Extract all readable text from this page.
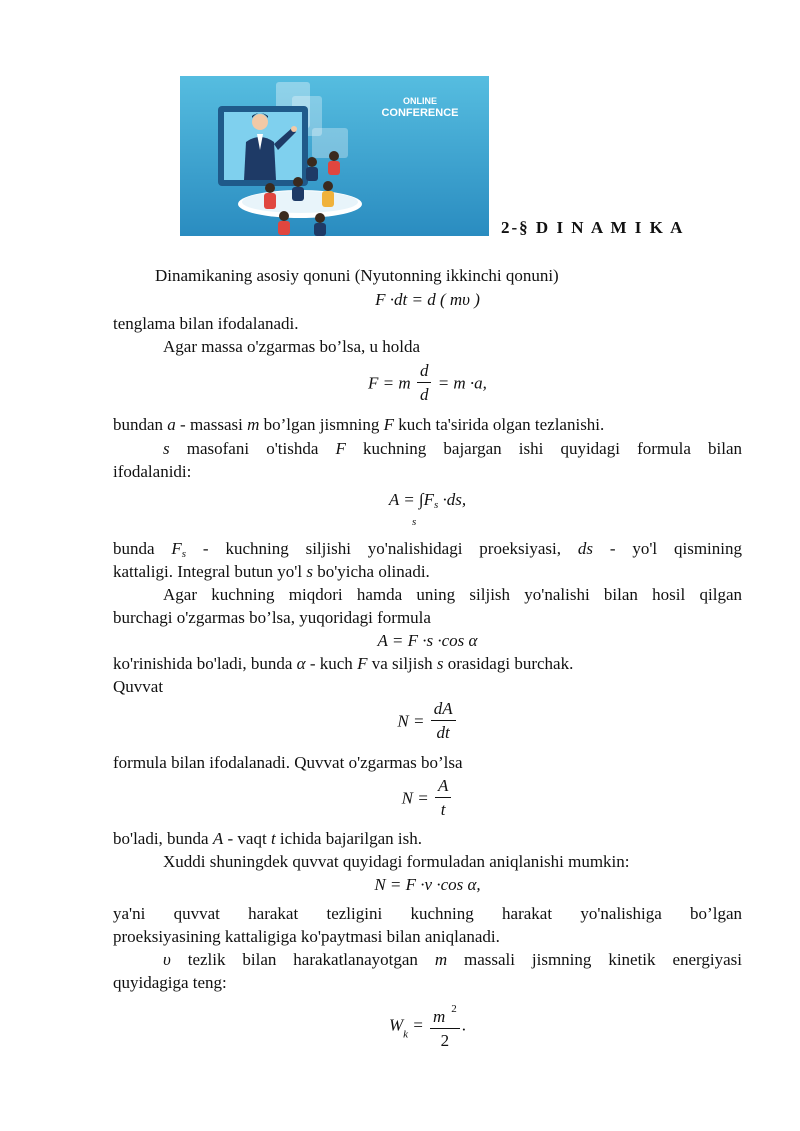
ONLINE
CONFERENCE
2-§ D I N A M I K A
Dinamikaning asosiy qonuni (Nyutonning ikkinchi qonuni)
F ·dt = d ( mυ )
tenglama bilan ifodalanadi.
Agar massa o'zgarmas bo’lsa, u holda
F = m $\frac{d}{d} = m \cdot a$,
bundan a - massasi m bo’lgan jismning F kuch ta'sirida olgan tezlanishi.
s masofani o'tishda F kuchning bajargan ishi quyidagi formula bilan
ifodalanidi:
$A = \int F_s \cdot ds$,
s
bunda $F_s$ - kuchning siljishi yo'nalishidagi proeksiyasi, ds - yo'l qismining
kattaligi. Integral butun yo'l s bo'yicha olinadi.
Agar kuchning miqdori hamda uning siljish yo'nalishi bilan hosil qilgan
burchagi o'zgarmas bo’lsa, yuqoridagi formula
A = F ·s ·cos α
ko'rinishida bo'ladi, bunda α - kuch F va siljish s orasidagi burchak.
Quvvat
$N = \frac{dA}{dt}$
formula bilan ifodalanadi. Quvvat o'zgarmas bo’lsa
$N = \frac{A}{t}$
bo'ladi, bunda A - vaqt t ichida bajarilgan ish.
Xuddi shuningdek quvvat quyidagi formuladan aniqlanishi mumkin:
N = F ·v ·cos α,
ya'ni quvvat harakat tezligini kuchning harakat yo'nalishiga bo’lgan
proeksiyasining kattaligiga ko'paytmasi bilan aniqlanadi.
υ tezlik bilan harakatlanayotgan m massali jismning kinetik energiyasi
quyidagiga teng:
$W_k = \frac{m ^2}{2}$ .
